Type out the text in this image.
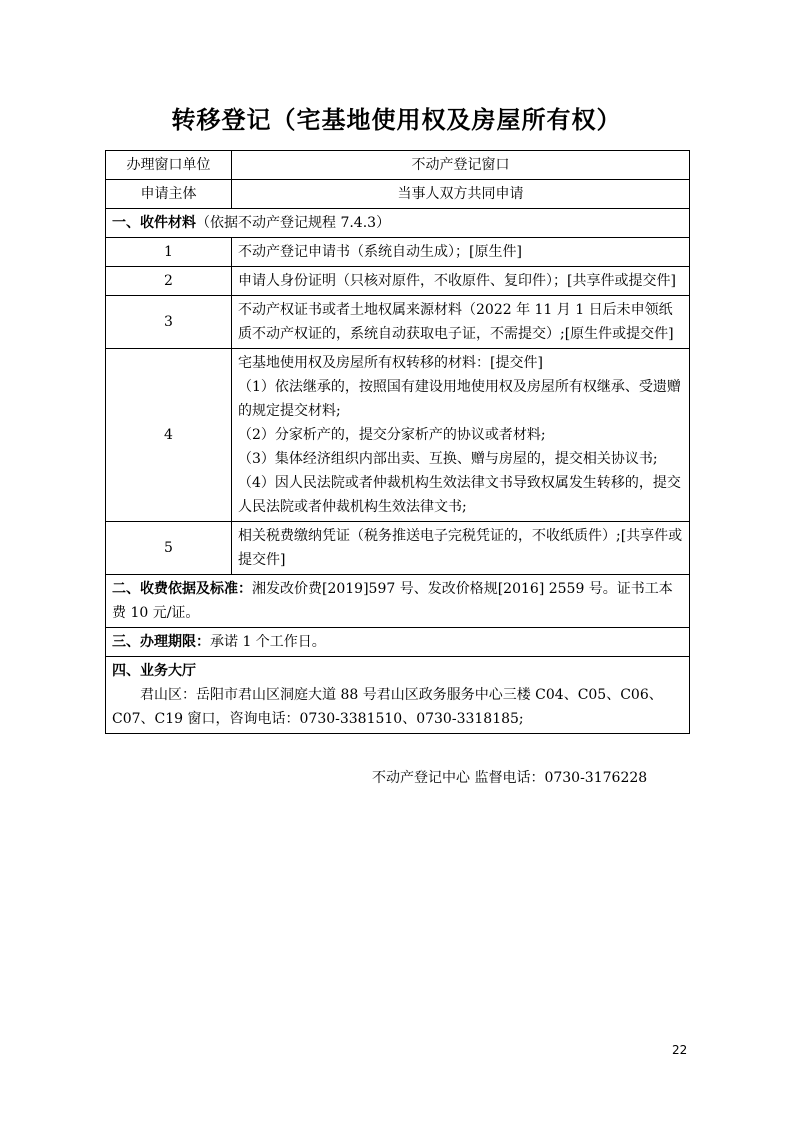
转移登记（宅基地使用权及房屋所有权）
办理窗口单位	不动产登记窗口
申请主体	当事人双方共同申请
一、收件材料（依据不动产登记规程 7.4.3）	
1	不动产登记申请书（系统自动生成）；[原生件]

2	申请人身份证明（只核对原件，不收原件、复印件）；[共享件或提交件]

3	不动产权证书或者土地权属来源材料（2022 年 11 月 1 日后未申领纸质不动产权证的，系统自动获取电子证，不需提交）;[原生件或提交件]

4	宅基地使用权及房屋所有权转移的材料：[提交件]
（1）依法继承的，按照国有建设用地使用权及房屋所有权继承、受遗赠的规定提交材料;
（2）分家析产的，提交分家析产的协议或者材料;
（3）集体经济组织内部出卖、互换、赠与房屋的，提交相关协议书;
（4）因人民法院或者仲裁机构生效法律文书导致权属发生转移的，提交人民法院或者仲裁机构生效法律文书;

5	相关税费缴纳凭证（税务推送电子完税凭证的，不收纸质件）;[共享件或提交件]

二、收费依据及标准：湘发改价费[2019]597 号、发改价格规[2016] 2559 号。证书工本费 10 元/证。	
三、办理期限：承诺 1 个工作日。	

四、业务大厅
君山区：岳阳市君山区洞庭大道 88 号君山区政务服务中心三楼 C04、C05、C06、C07、C19 窗口，咨询电话：0730-3381510、0730-3318185;	
不动产登记中心 监督电话：0730-3176228
22
